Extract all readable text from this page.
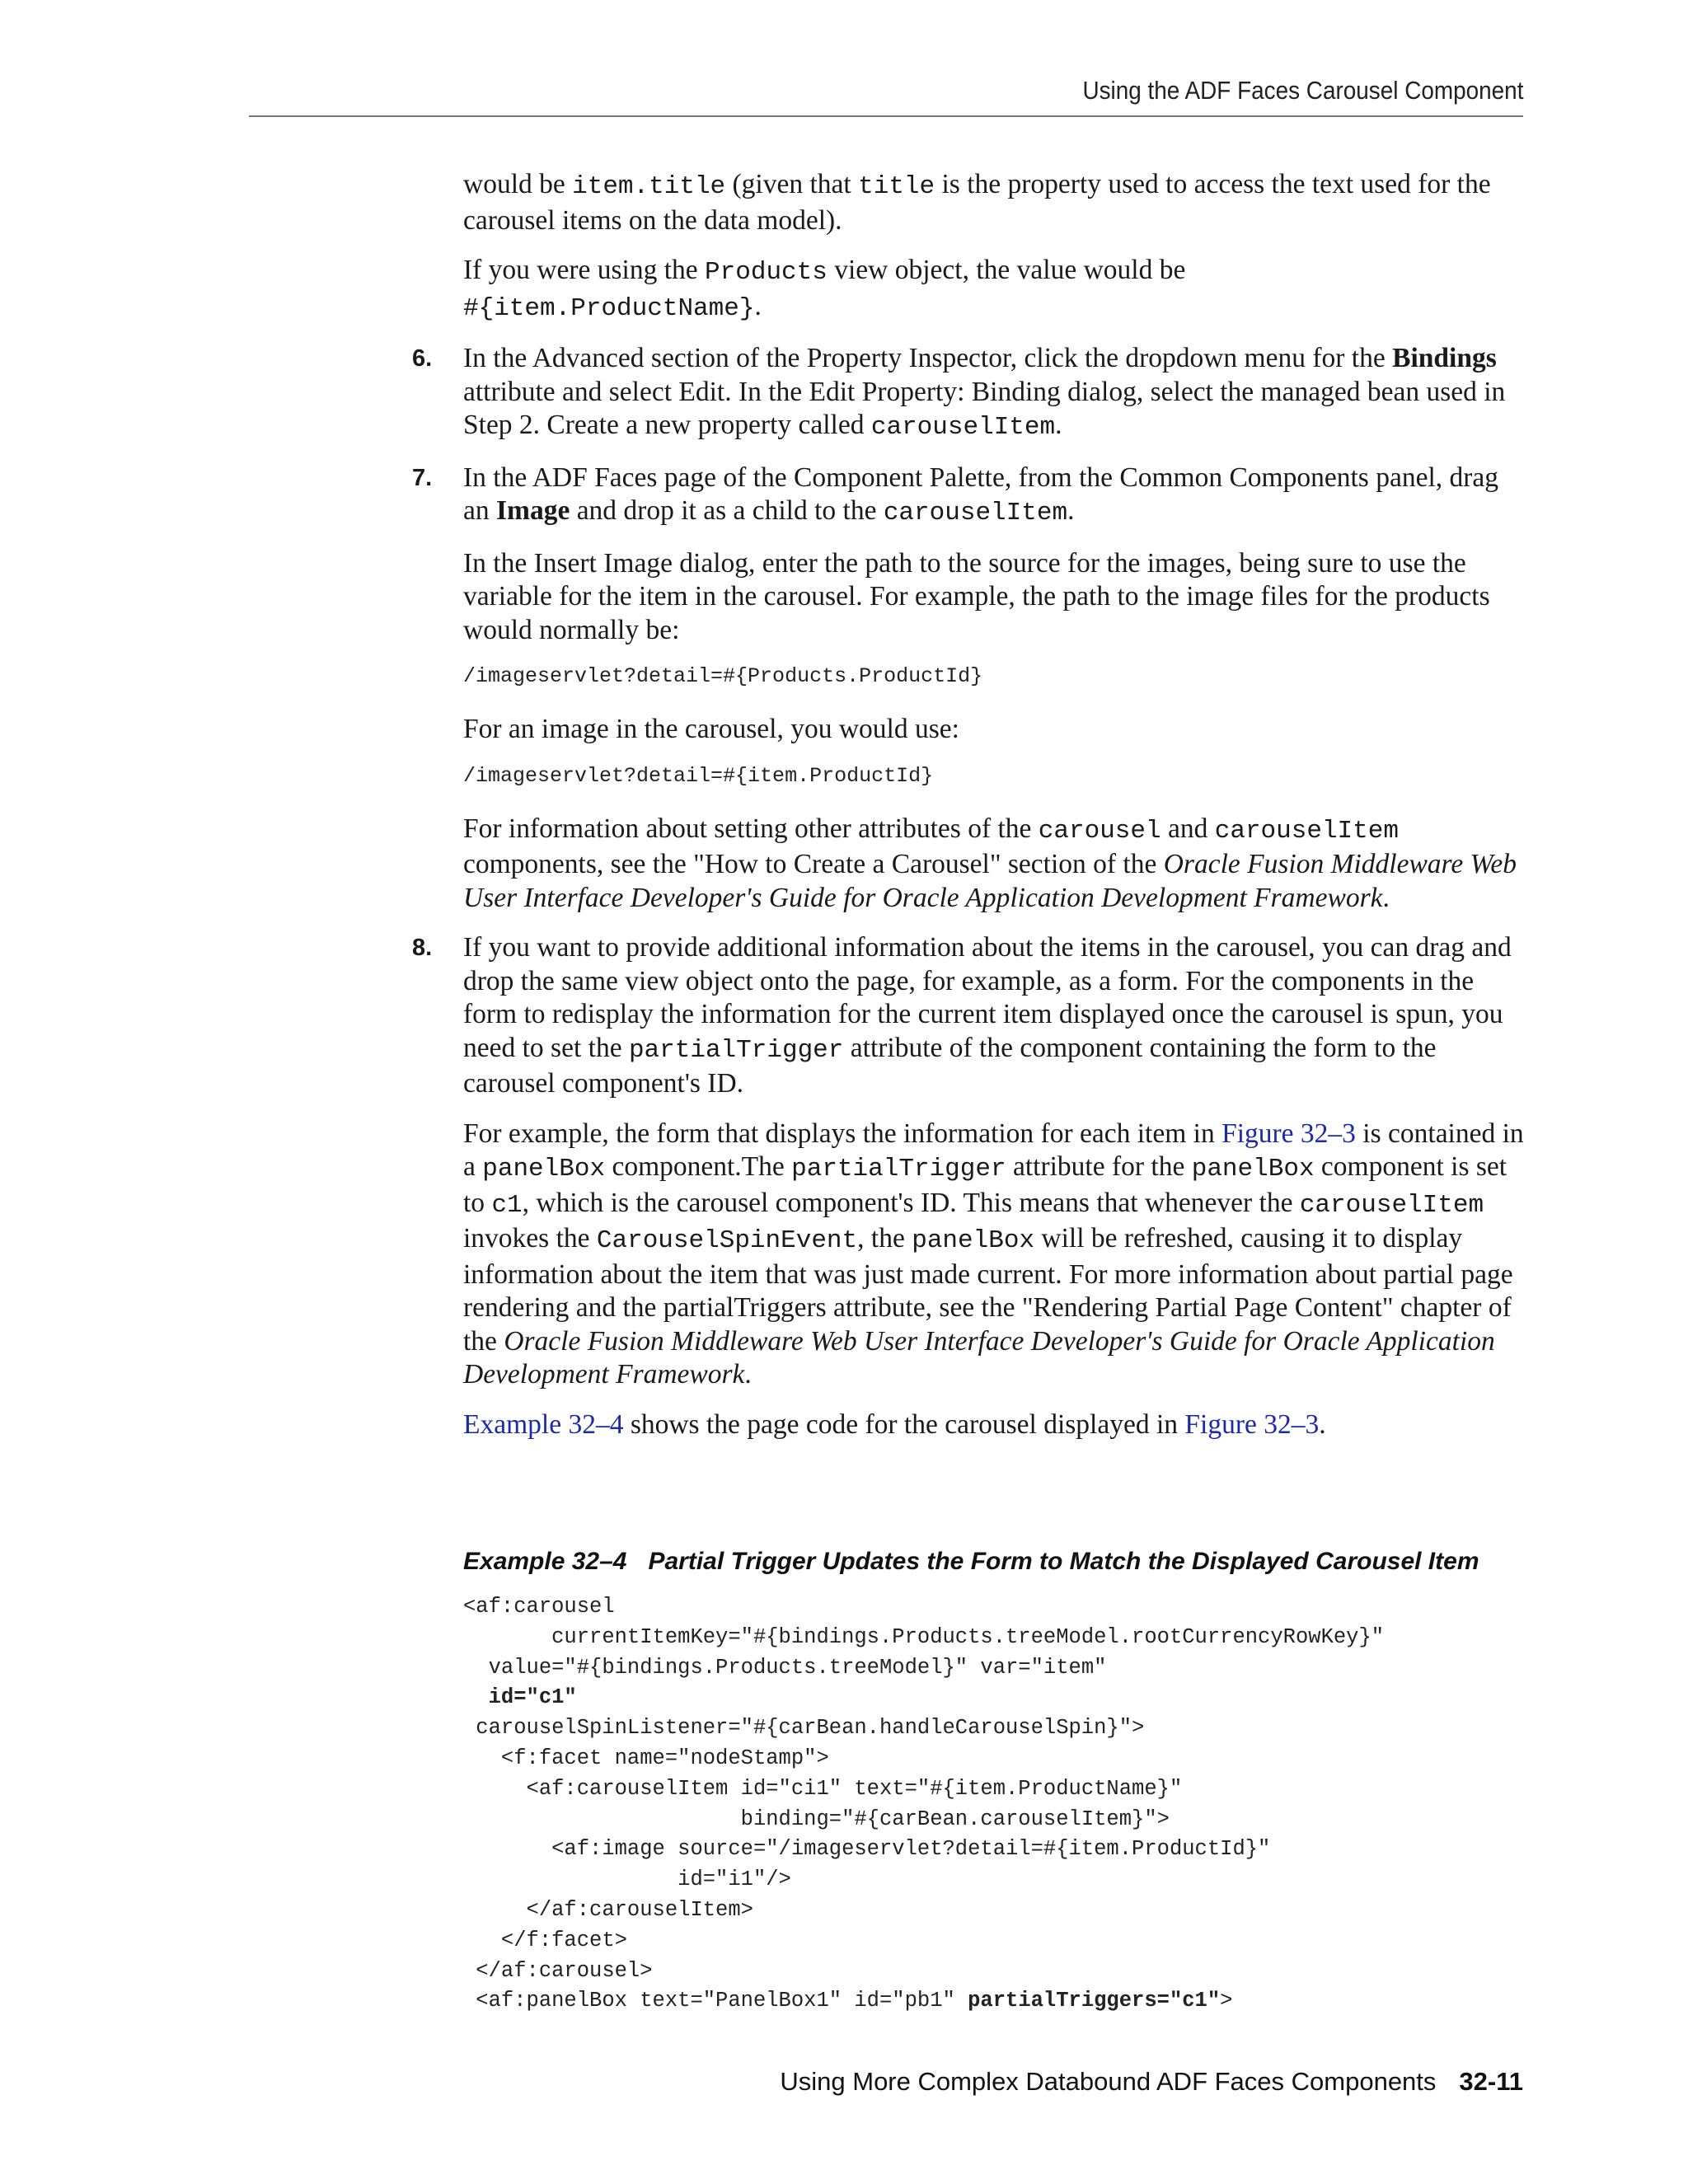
Using the ADF Faces Carousel Component

would be item.title (given that title is the property used to access the text used for the carousel items on the data model).

If you were using the Products view object, the value would be
#{item.ProductName}.

6. In the Advanced section of the Property Inspector, click the dropdown menu for the Bindings attribute and select Edit. In the Edit Property: Binding dialog, select the managed bean used in Step 2. Create a new property called carouselItem.

7. In the ADF Faces page of the Component Palette, from the Common Components panel, drag an Image and drop it as a child to the carouselItem.

In the Insert Image dialog, enter the path to the source for the images, being sure to use the variable for the item in the carousel. For example, the path to the image files for the products would normally be:

/imageservlet?detail=#{Products.ProductId}

For an image in the carousel, you would use:

/imageservlet?detail=#{item.ProductId}

For information about setting other attributes of the carousel and carouselItem components, see the "How to Create a Carousel" section of the Oracle Fusion Middleware Web User Interface Developer's Guide for Oracle Application Development Framework.

8. If you want to provide additional information about the items in the carousel, you can drag and drop the same view object onto the page, for example, as a form. For the components in the form to redisplay the information for the current item displayed once the carousel is spun, you need to set the partialTrigger attribute of the component containing the form to the carousel component's ID.

For example, the form that displays the information for each item in Figure 32–3 is contained in a panelBox component.The partialTrigger attribute for the panelBox component is set to c1, which is the carousel component's ID. This means that whenever the carouselItem invokes the CarouselSpinEvent, the panelBox will be refreshed, causing it to display information about the item that was just made current. For more information about partial page rendering and the partialTriggers attribute, see the "Rendering Partial Page Content" chapter of the Oracle Fusion Middleware Web User Interface Developer's Guide for Oracle Application Development Framework.

Example 32–4 shows the page code for the carousel displayed in Figure 32–3.

Example 32–4 Partial Trigger Updates the Form to Match the Displayed Carousel Item
<af:carousel
currentItemKey="#{bindings.Products.treeModel.rootCurrencyRowKey}"
value="#{bindings.Products.treeModel}" var="item"
id="c1"
carouselSpinListener="#{carBean.handleCarouselSpin}">
<f:facet name="nodeStamp">
<af:carouselItem id="ci1" text="#{item.ProductName}"
binding="#{carBean.carouselItem}">
<af:image source="/imageservlet?detail=#{item.ProductId}"
id="i1"/>
</af:carouselItem>
</f:facet>
</af:carousel>
<af:panelBox text="PanelBox1" id="pb1" partialTriggers="c1">
Using More Complex Databound ADF Faces Components 32-11
